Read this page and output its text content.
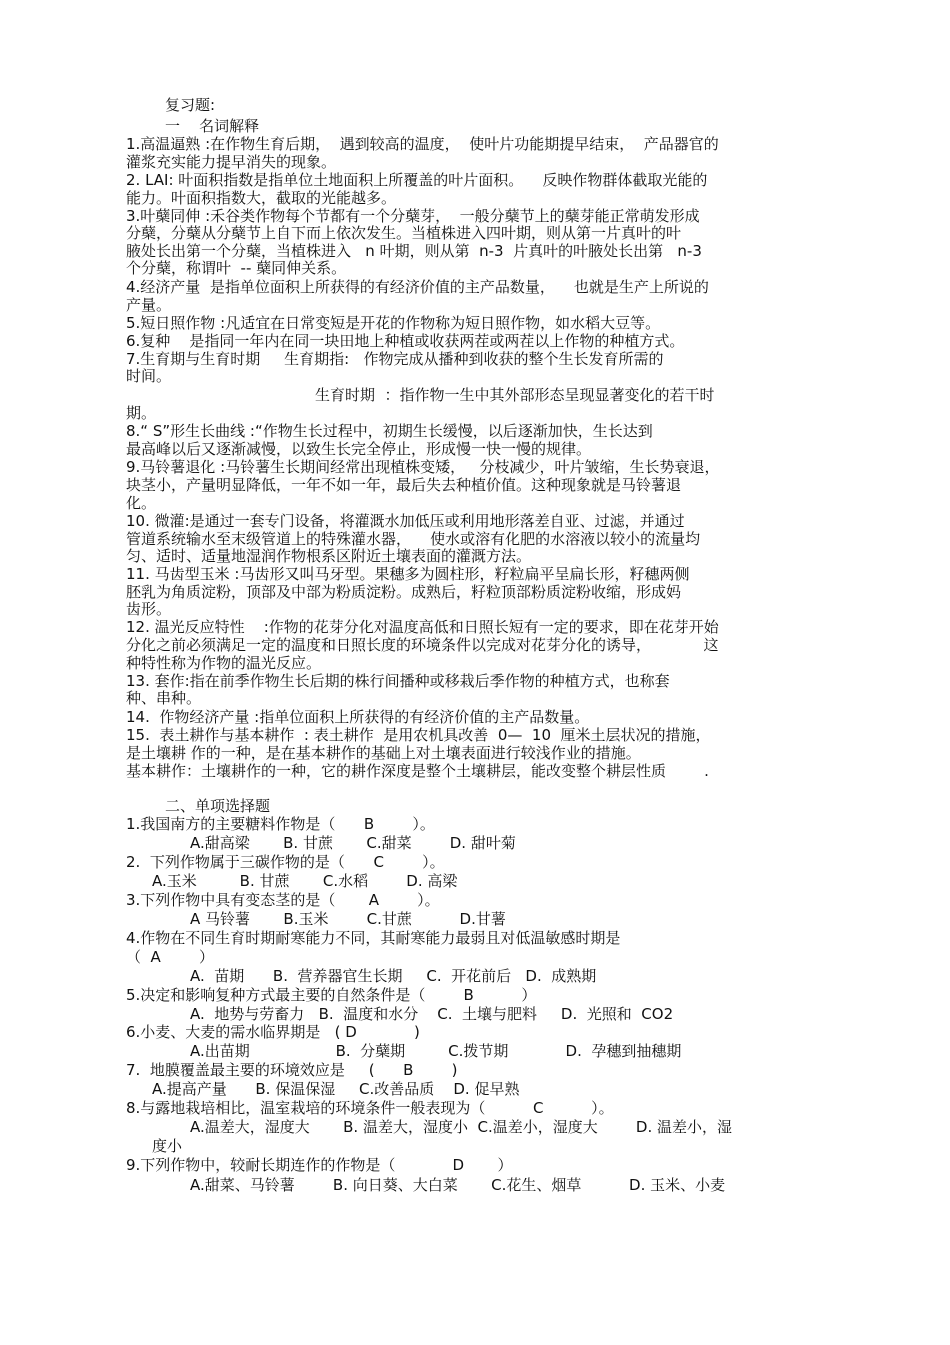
复习题:
一    名词解释
1.高温逼熟 :在作物生育后期，  遇到较高的温度，  使叶片功能期提早结束，  产品器官的
灌浆充实能力提早消失的现象。
2. LAI: 叶面积指数是指单位土地面积上所覆盖的叶片面积。    反映作物群体截取光能的
能力。叶面积指数大，截取的光能越多。
3.叶蘖同伸 :禾谷类作物每个节都有一个分蘖芽，  一般分蘖节上的蘖芽能正常萌发形成
分蘖，分蘖从分蘖节上自下而上依次发生。当植株进入四叶期，则从第一片真叶的叶
腋处长出第一个分蘖，当植株进入   n 叶期，则从第  n-3  片真叶的叶腋处长出第   n-3
个分蘖，称谓叶  -- 蘖同伸关系。
4.经济产量  是指单位面积上所获得的有经济价值的主产品数量，    也就是生产上所说的
产量。
5.短日照作物 :凡适宜在日常变短是开花的作物称为短日照作物，如水稻大豆等。
6.复种    是指同一年内在同一块田地上种植或收获两茬或两茬以上作物的种植方式。
7.生育期与生育时期     生育期指:   作物完成从播种到收获的整个生长发育所需的
时间。
生育时期  ：指作物一生中其外部形态呈现显著变化的若干时
期。
8.“ S”形生长曲线 :“作物生长过程中，初期生长缓慢，以后逐渐加快，生长达到
最高峰以后又逐渐减慢，以致生长完全停止，形成慢一快一慢的规律。
9.马铃薯退化 :马铃薯生长期间经常出现植株变矮，   分枝减少，叶片皱缩，生长势衰退，
块茎小，产量明显降低，一年不如一年，最后失去种植价值。这种现象就是马铃薯退
化。
10. 微灌:是通过一套专门设备，将灌溉水加低压或利用地形落差自亚、过滤，并通过
管道系统输水至末级管道上的特殊灌水器，    使水或溶有化肥的水溶液以较小的流量均
匀、适时、适量地湿润作物根系区附近土壤表面的灌溉方法。
11. 马齿型玉米 :马齿形又叫马牙型。果穗多为圆柱形，籽粒扁平呈扁长形，籽穗两侧
胚乳为角质淀粉，顶部及中部为粉质淀粉。成熟后，籽粒顶部粉质淀粉收缩，形成妈
齿形。
12. 温光反应特性    :作物的花芽分化对温度高低和日照长短有一定的要求，即在花芽开始
分化之前必须满足一定的温度和日照长度的环境条件以完成对花芽分化的诱导，           这
种特性称为作物的温光反应。
13. 套作:指在前季作物生长后期的株行间播种或移栽后季作物的种植方式，也称套
种、串种。
14.  作物经济产量 :指单位面积上所获得的有经济价值的主产品数量。
15.  表土耕作与基本耕作  : 表土耕作  是用农机具改善  0—  10  厘米土层状况的措施，
是土壤耕 作的一种，是在基本耕作的基础上对土壤表面进行较浅作业的措施。
基本耕作：土壤耕作的一种，它的耕作深度是整个土壤耕层，能改变整个耕层性质        .
二、单项选择题
1.我国南方的主要糖料作物是（      B        ）。
A.甜高梁       B. 甘蔗       C.甜菜        D. 甜叶菊
2.  下列作物属于三碳作物的是（      C        ）。
A.玉米         B. 甘蔗       C.水稻        D. 高梁
3.下列作物中具有变态茎的是（       A        ）。
A 马铃薯       B.玉米        C.甘蔗          D.甘薯
4.作物在不同生育时期耐寒能力不同，其耐寒能力最弱且对低温敏感时期是
（  A        ）
A.  苗期      B.  营养器官生长期     C.  开花前后   D.  成熟期
5.决定和影响复种方式最主要的自然条件是（        B          ）
A.  地势与劳畜力   B.  温度和水分    C.  土壤与肥料     D.  光照和  CO2
6.小麦、大麦的需水临界期是   ( D            )
A.出苗期                  B.  分蘖期         C.拨节期            D.  孕穗到抽穗期
7.  地膜覆盖最主要的环境效应是     (      B        )
A.提高产量      B. 保温保湿     C.改善品质    D. 促早熟
8.与露地栽培相比，温室栽培的环境条件一般表现为（          C          ）。
A.温差大，湿度大       B. 温差大，湿度小  C.温差小，湿度大        D. 温差小，湿
度小
9.下列作物中，较耐长期连作的作物是（            D       ）
A.甜菜、马铃薯        B. 向日葵、大白菜       C.花生、烟草          D. 玉米、小麦
